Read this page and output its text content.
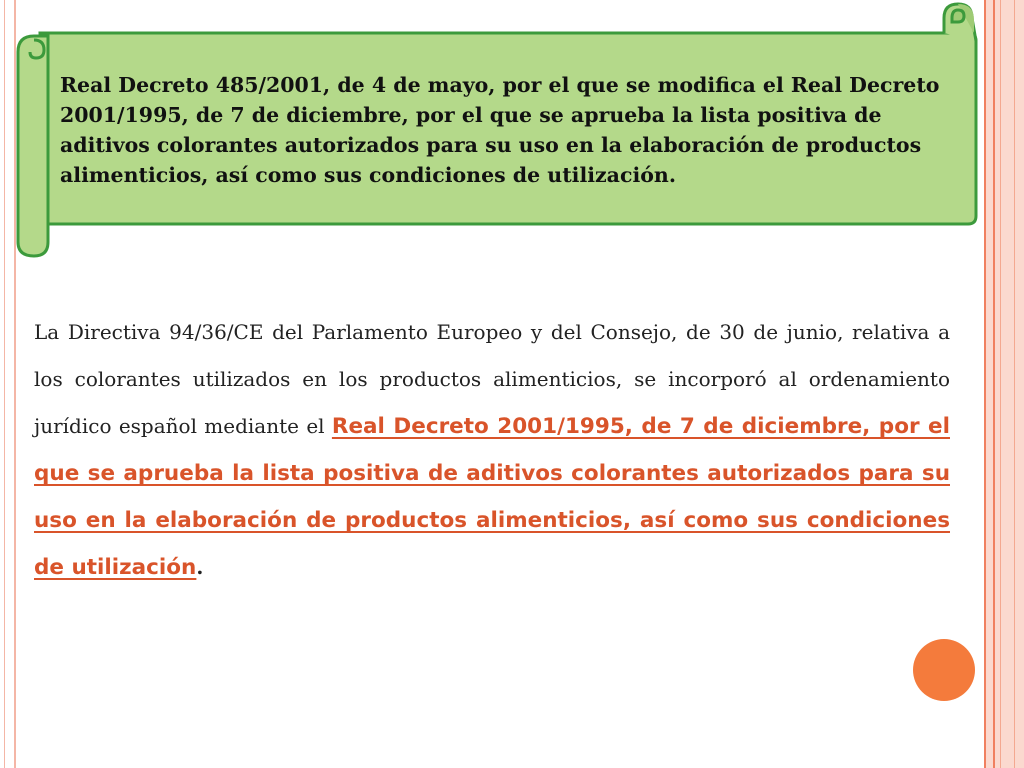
Real Decreto 485/2001, de 4 de mayo, por el que se modifica el Real Decreto 2001/1995, de 7 de diciembre, por el que se aprueba la lista positiva de aditivos colorantes autorizados para su uso en la elaboración de productos alimenticios, así como sus condiciones de utilización.
La Directiva 94/36/CE del Parlamento Europeo y del Consejo, de 30 de junio, relativa a los colorantes utilizados en los productos alimenticios, se incorporó al ordenamiento jurídico español mediante el Real Decreto 2001/1995, de 7 de diciembre, por el que se aprueba la lista positiva de aditivos colorantes autorizados para su uso en la elaboración de productos alimenticios, así como sus condiciones de utilización.
